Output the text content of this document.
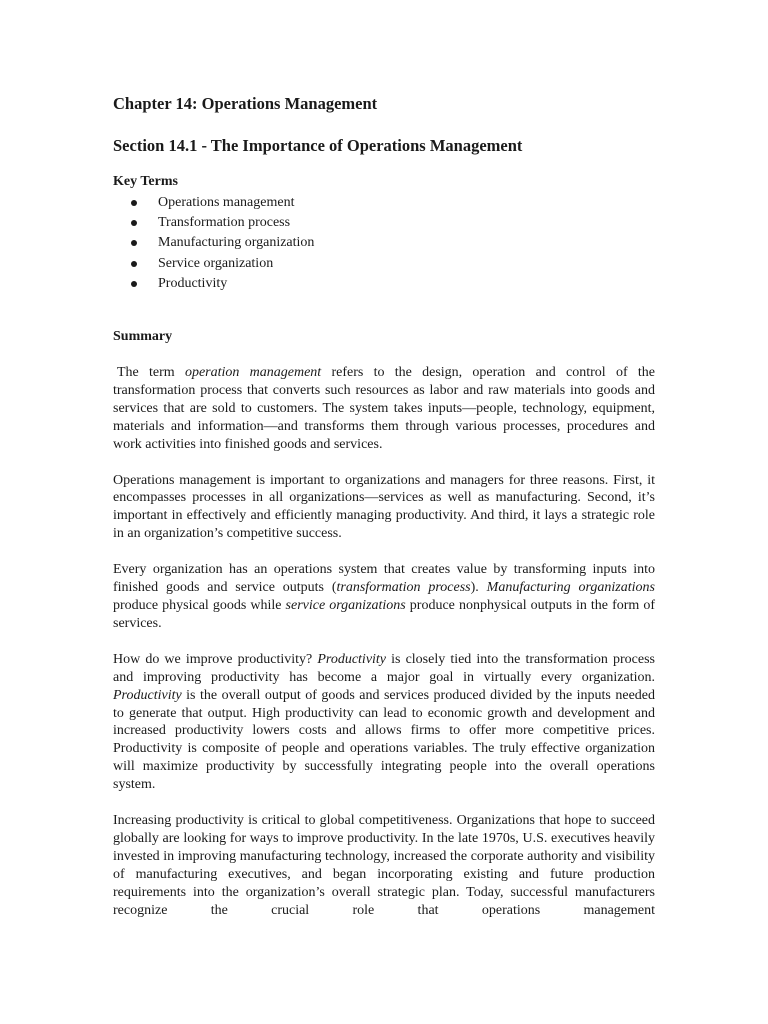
Chapter 14: Operations Management
Section 14.1 - The Importance of Operations Management
Key Terms
Operations management
Transformation process
Manufacturing organization
Service organization
Productivity
Summary

The term operation management refers to the design, operation and control of the transformation process that converts such resources as labor and raw materials into goods and services that are sold to customers. The system takes inputs—people, technology, equipment, materials and information—and transforms them through various processes, procedures and work activities into finished goods and services.

Operations management is important to organizations and managers for three reasons. First, it encompasses processes in all organizations—services as well as manufacturing. Second, it’s important in effectively and efficiently managing productivity. And third, it lays a strategic role in an organization’s competitive success.

Every organization has an operations system that creates value by transforming inputs into finished goods and service outputs (transformation process). Manufacturing organizations produce physical goods while service organizations produce nonphysical outputs in the form of services.

How do we improve productivity? Productivity is closely tied into the transformation process and improving productivity has become a major goal in virtually every organization. Productivity is the overall output of goods and services produced divided by the inputs needed to generate that output. High productivity can lead to economic growth and development and increased productivity lowers costs and allows firms to offer more competitive prices. Productivity is composite of people and operations variables. The truly effective organization will maximize productivity by successfully integrating people into the overall operations system.

Increasing productivity is critical to global competitiveness. Organizations that hope to succeed globally are looking for ways to improve productivity. In the late 1970s, U.S. executives heavily invested in improving manufacturing technology, increased the corporate authority and visibility of manufacturing executives, and began incorporating existing and future production requirements into the organization’s overall strategic plan. Today, successful manufacturers recognize the crucial role that operations management
